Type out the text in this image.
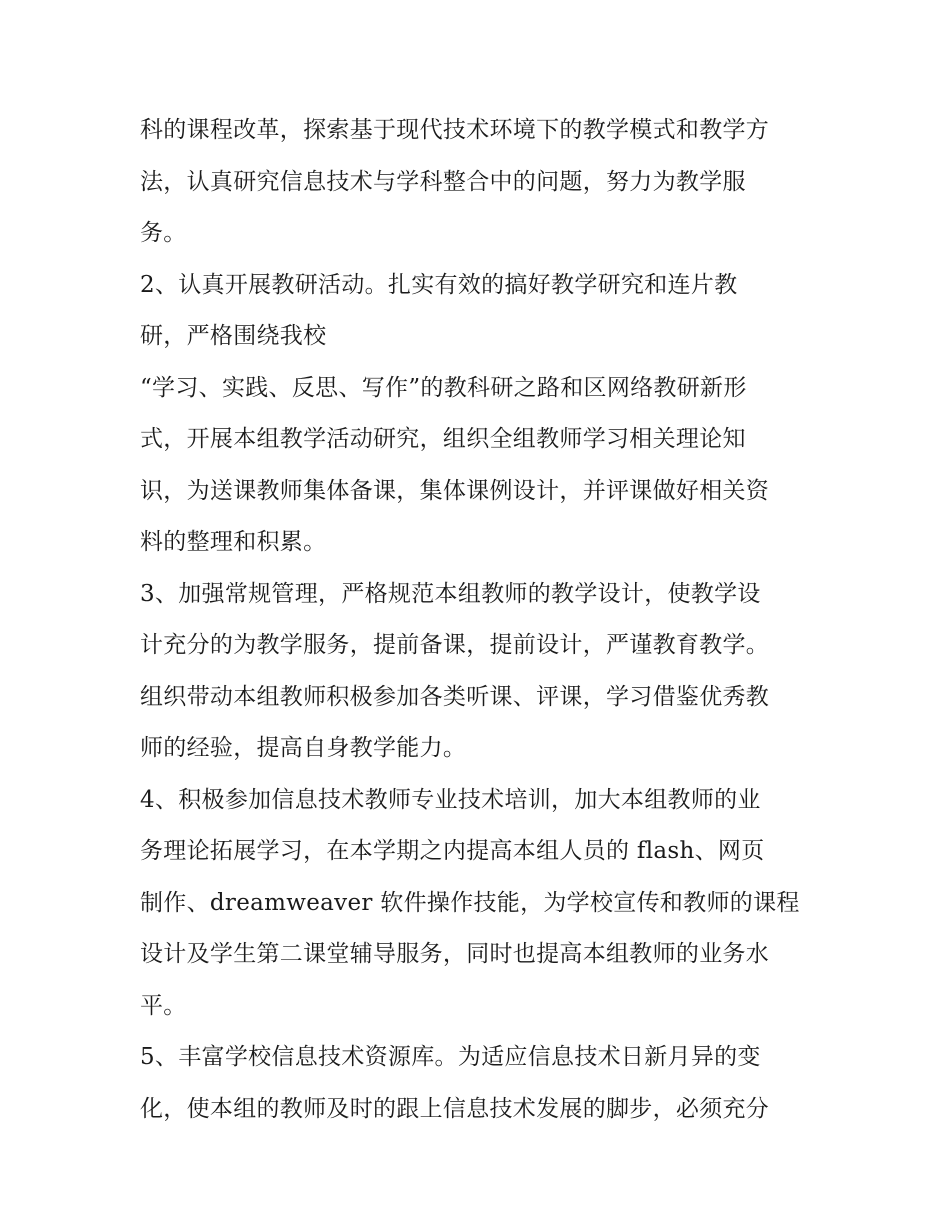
科的课程改革，探索基于现代技术环境下的教学模式和教学方
法，认真研究信息技术与学科整合中的问题，努力为教学服
务。
2、认真开展教研活动。扎实有效的搞好教学研究和连片教
研，严格围绕我校
“学习、实践、反思、写作”的教科研之路和区网络教研新形
式，开展本组教学活动研究，组织全组教师学习相关理论知
识，为送课教师集体备课，集体课例设计，并评课做好相关资
料的整理和积累。
3、加强常规管理，严格规范本组教师的教学设计，使教学设
计充分的为教学服务，提前备课，提前设计，严谨教育教学。
组织带动本组教师积极参加各类听课、评课，学习借鉴优秀教
师的经验，提高自身教学能力。
4、积极参加信息技术教师专业技术培训，加大本组教师的业
务理论拓展学习，在本学期之内提高本组人员的 flash、网页
制作、dreamweaver 软件操作技能，为学校宣传和教师的课程
设计及学生第二课堂辅导服务，同时也提高本组教师的业务水
平。
5、丰富学校信息技术资源库。为适应信息技术日新月异的变
化，使本组的教师及时的跟上信息技术发展的脚步，必须充分
